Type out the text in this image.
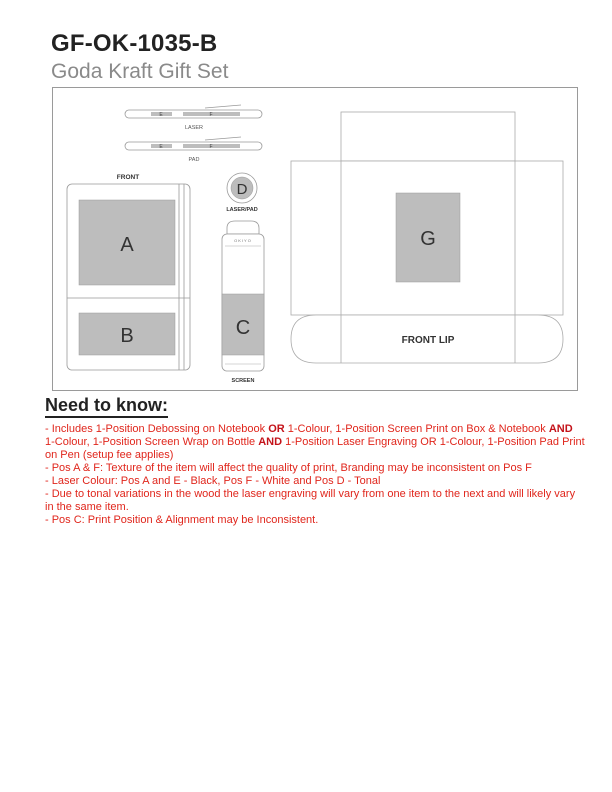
GF-OK-1035-B
Goda Kraft Gift Set
E	F
LASER
E	F
PAD
FRONT
A
B
D
LASER/PAD
OKIYO
C
SCREEN
G
FRONT LIP
Need to know:

- Includes 1-Position Debossing on Notebook OR 1-Colour, 1-Position Screen Print on Box & Notebook AND 1-Colour, 1-Position Screen Wrap on Bottle AND 1-Position Laser Engraving OR 1-Colour, 1-Position Pad Print on Pen (setup fee applies)

- Pos A & F: Texture of the item will affect the quality of print, Branding may be inconsistent on Pos F

- Laser Colour: Pos A and E - Black, Pos F - White and Pos D - Tonal

- Due to tonal variations in the wood the laser engraving will vary from one item to the next and will likely vary in the same item.

- Pos C: Print Position & Alignment may be Inconsistent.
